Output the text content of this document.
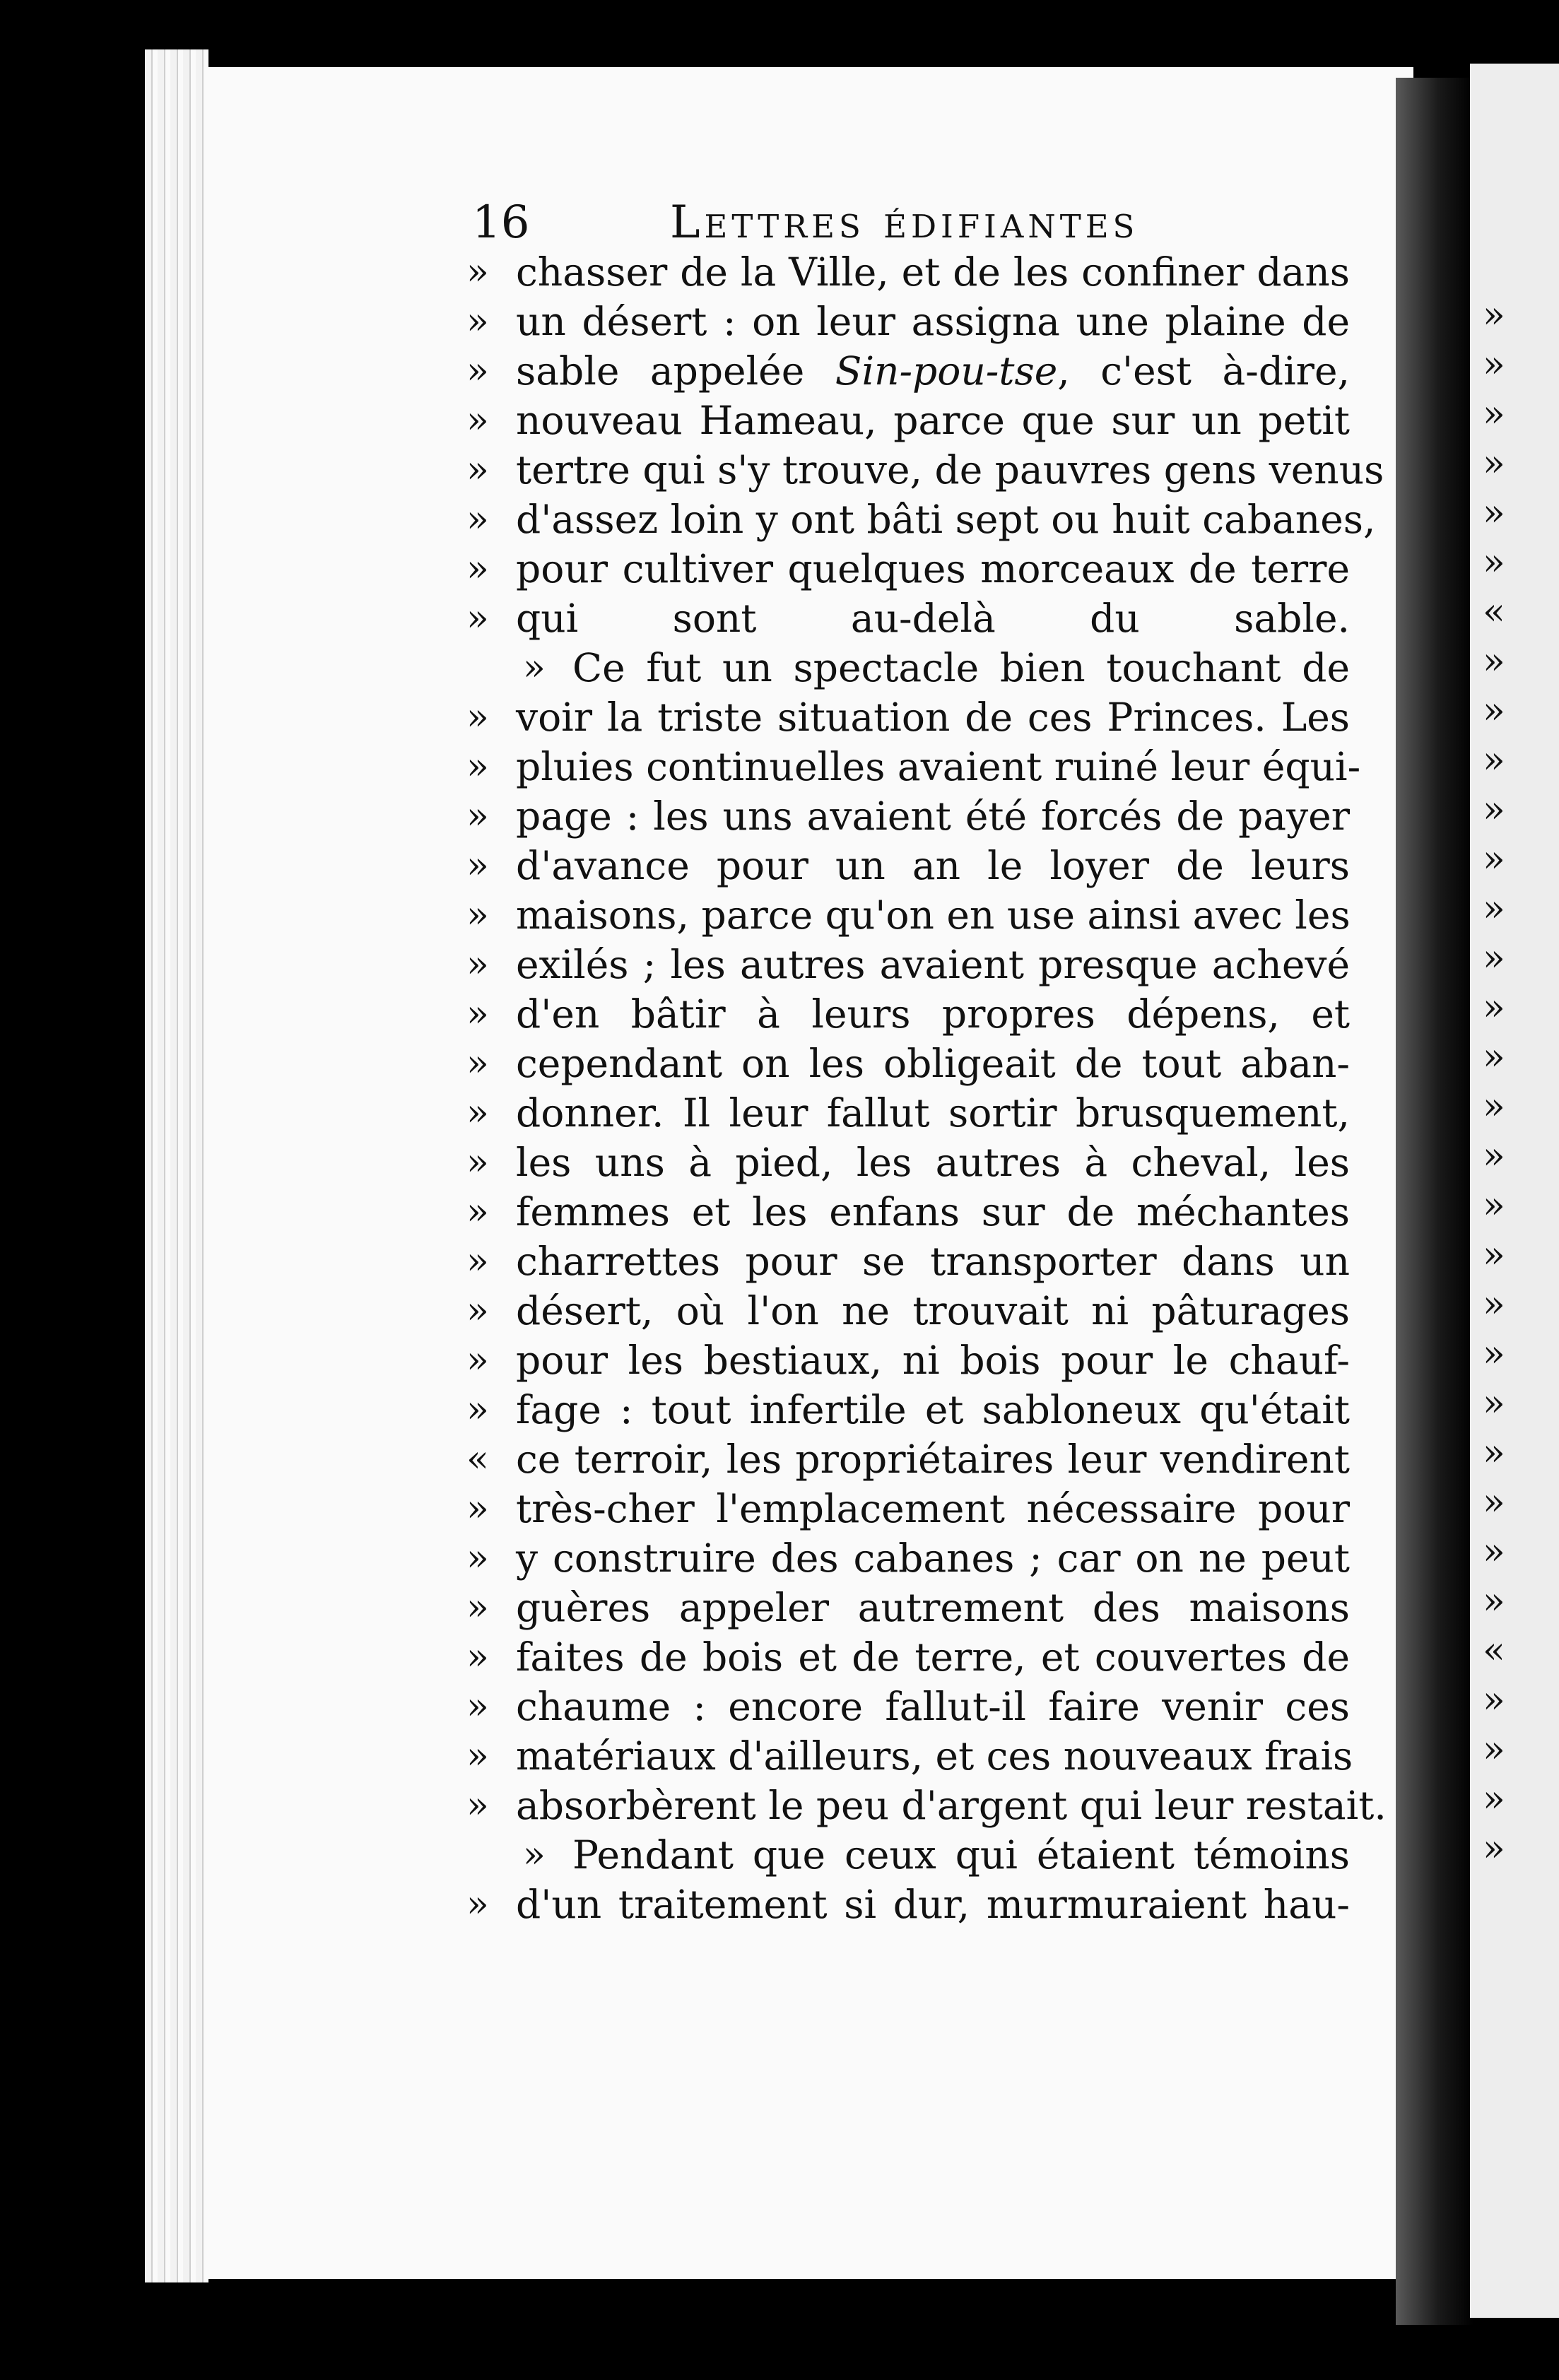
»
»
»
»
»
»
«
»
»
»
»
»
»
»
»
»
»
»
»
»
»
»
»
»
»
»
»
«
»
»
»
»
16	Lettres édifiantes
» chasser de la Ville, et de les confiner dans
» un désert : on leur assigna une plaine de
» sable appelée Sin-pou-tse, c'est à-dire,
» nouveau Hameau, parce que sur un petit
» tertre qui s'y trouve, de pauvres gens venus
» d'assez loin y ont bâti sept ou huit cabanes,
» pour cultiver quelques morceaux de terre
» qui sont au-delà du sable.
» Ce fut un spectacle bien touchant de
» voir la triste situation de ces Princes. Les
» pluies continuelles avaient ruiné leur équi-
» page : les uns avaient été forcés de payer
» d'avance pour un an le loyer de leurs
» maisons, parce qu'on en use ainsi avec les
» exilés ; les autres avaient presque achevé
» d'en bâtir à leurs propres dépens, et
» cependant on les obligeait de tout aban-
» donner. Il leur fallut sortir brusquement,
» les uns à pied, les autres à cheval, les
» femmes et les enfans sur de méchantes
» charrettes pour se transporter dans un
» désert, où l'on ne trouvait ni pâturages
» pour les bestiaux, ni bois pour le chauf-
» fage : tout infertile et sabloneux qu'était
« ce terroir, les propriétaires leur vendirent
» très-cher l'emplacement nécessaire pour
» y construire des cabanes ; car on ne peut
» guères appeler autrement des maisons
» faites de bois et de terre, et couvertes de
» chaume : encore fallut-il faire venir ces
» matériaux d'ailleurs, et ces nouveaux frais
» absorbèrent le peu d'argent qui leur restait.
» Pendant que ceux qui étaient témoins
» d'un traitement si dur, murmuraient hau-
